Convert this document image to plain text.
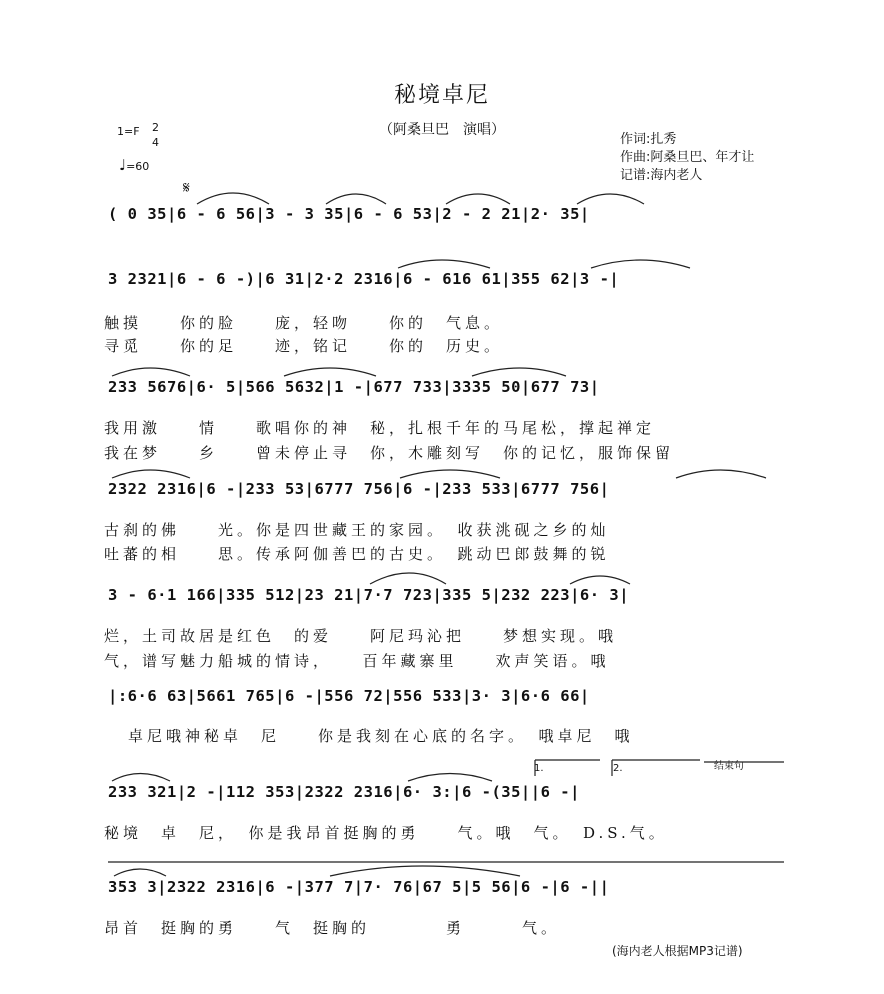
秘境卓尼
（阿桑旦巴　演唱）
1=F 2
4
♩=60
𝄋
作词:扎秀
作曲:阿桑旦巴、年才让
记谱:海内老人
( 0 35|6 - 6 56|3 - 3 35|6 - 6 53|2 - 2 21|2· 35|
3 2321|6 - 6 -)|6 31|2·2 2316|6 - 616 61|355 62|3 -|
触摸　　你的脸　　庞，轻吻　　你的　气息。
寻觅　　你的足　　迹，铭记　　你的　历史。
233 5676|6· 5|566 5632|1 -|677 733|3335 50|677 73|
我用激　　情　　歌唱你的神　秘，扎根千年的马尾松，撑起禅定
我在梦　　乡　　曾未停止寻　你，木雕刻写　你的记忆，服饰保留
2322 2316|6 -|233 53|6777 756|6 -|233 533|6777 756|
古刹的佛　　光。你是四世藏王的家园。　收获洮砚之乡的灿
吐蕃的相　　思。传承阿伽善巴的古史。　跳动巴郎鼓舞的锐
3 - 6·1 166|335 512|23 21|7·7 723|335 5|232 223|6· 3|
烂，土司故居是红色　的爱　　阿尼玛沁把　　梦想实现。哦
气，谱写魅力船城的情诗，　　百年藏寨里　　欢声笑语。哦
|:6·6 63|5661 765|6 -|556 72|556 533|3· 3|6·6 66|
卓尼哦神秘卓　尼　　你是我刻在心底的名字。　哦卓尼　哦
1.	2.	结束句
233 321|2 -|112 353|2322 2316|6· 3:|6 -(35||6 -|
秘境　卓　尼，　你是我昂首挺胸的勇　　气。哦　气。　D.S.气。
353 3|2322 2316|6 -|377 7|7· 76|67 5|5 56|6 -|6 -||
昂首　挺胸的勇　　气　挺胸的　　　　勇　　　气。
(海内老人根据MP3记谱)
